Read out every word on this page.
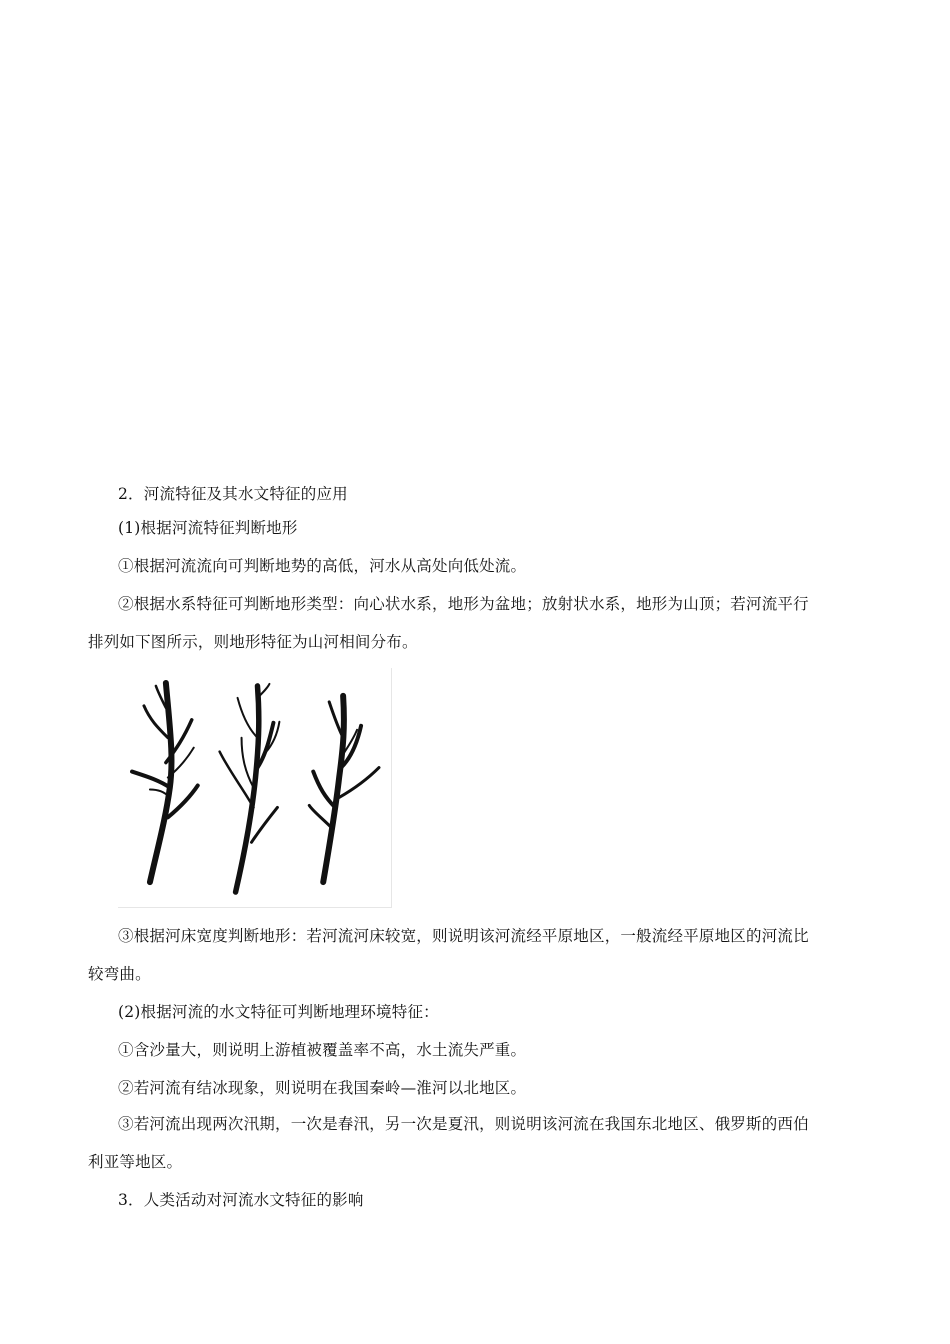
2．河流特征及其水文特征的应用
(1)根据河流特征判断地形
①根据河流流向可判断地势的高低，河水从高处向低处流。
②根据水系特征可判断地形类型：向心状水系，地形为盆地；放射状水系，地形为山顶；若河流平行
排列如下图所示，则地形特征为山河相间分布。
③根据河床宽度判断地形：若河流河床较宽，则说明该河流经平原地区，一般流经平原地区的河流比
较弯曲。
(2)根据河流的水文特征可判断地理环境特征：
①含沙量大，则说明上游植被覆盖率不高，水土流失严重。
②若河流有结冰现象，则说明在我国秦岭—淮河以北地区。
③若河流出现两次汛期，一次是春汛，另一次是夏汛，则说明该河流在我国东北地区、俄罗斯的西伯
利亚等地区。
3．人类活动对河流水文特征的影响
